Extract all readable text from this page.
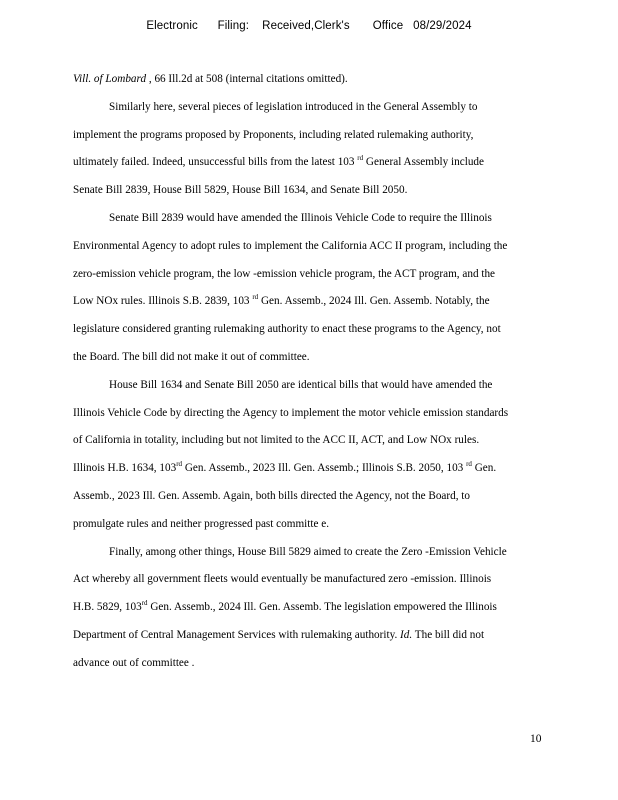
Electronic      Filing:    Received,Clerk's       Office   08/29/2024

Vill. of Lombard , 66 Ill.2d at 508 (internal citations omitted).

Similarly here, several pieces of legislation introduced in the General Assembly to
implement the programs proposed by Proponents, including related rulemaking authority,
ultimately failed. Indeed, unsuccessful bills from the latest 103 $^{rd}$ General Assembly include
Senate Bill 2839, House Bill 5829, House Bill 1634, and Senate Bill 2050.

Senate Bill 2839 would have amended the Illinois Vehicle Code to require the Illinois
Environmental Agency to adopt rules to implement the California ACC II program, including the
zero-emission vehicle program, the low -emission vehicle program, the ACT program, and the
Low NOx rules. Illinois S.B. 2839, 103 $^{rd}$ Gen. Assemb., 2024 Ill. Gen. Assemb. Notably, the
legislature considered granting rulemaking authority to enact these programs to the Agency, not
the Board. The bill did not make it out of committee.

House Bill 1634 and Senate Bill 2050 are identical bills that would have amended the
Illinois Vehicle Code by directing the Agency to implement the motor vehicle emission standards
of California in totality, including but not limited to the ACC II, ACT, and Low NOx rules.
Illinois H.B. 1634, 103rd Gen. Assemb., 2023 Ill. Gen. Assemb.; Illinois S.B. 2050, 103 $^{rd}$ Gen.
Assemb., 2023 Ill. Gen. Assemb. Again, both bills directed the Agency, not the Board, to
promulgate rules and neither progressed past committe e.

Finally, among other things, House Bill 5829 aimed to create the Zero -Emission Vehicle
Act whereby all government fleets would eventually be manufactured zero -emission. Illinois
H.B. 5829, 103rd Gen. Assemb., 2024 Ill. Gen. Assemb. The legislation empowered the Illinois
Department of Central Management Services with rulemaking authority. Id. The bill did not
advance out of committee .

10
